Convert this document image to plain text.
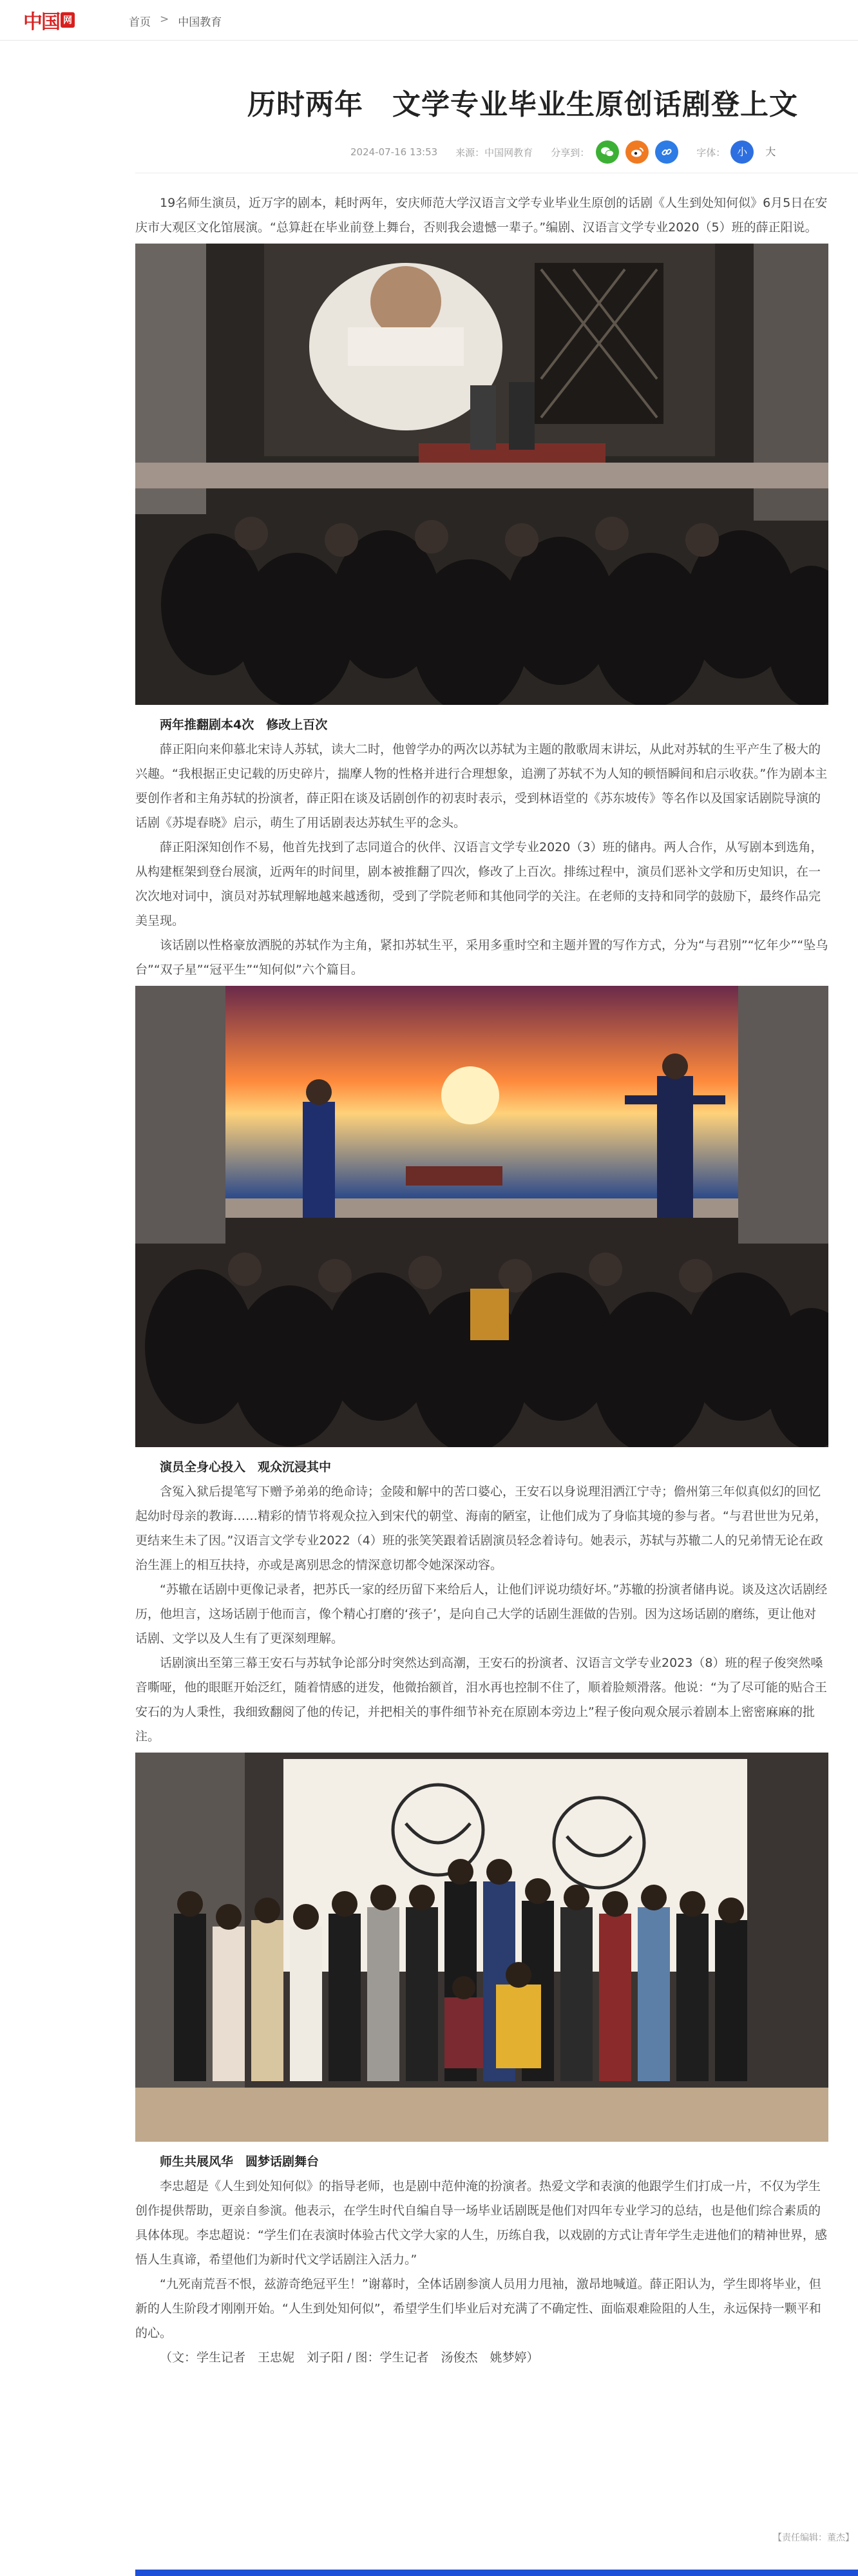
中国 网	首页 > 中国教育
历时两年　文学专业毕业生原创话剧登上文
2024-07-16 13:53 来源：中国网教育 分享到：	字体：	小	大

19名师生演员，近万字的剧本，耗时两年，安庆师范大学汉语言文学专业毕业生原创的话剧《人生到处知何似》6月5日在安庆市大观区文化馆展演。“总算赶在毕业前登上舞台，否则我会遗憾一辈子。”编剧、汉语言文学专业2020（5）班的薛正阳说。

两年推翻剧本4次　修改上百次

薛正阳向来仰慕北宋诗人苏轼，读大二时，他曾学办的两次以苏轼为主题的散歌周末讲坛，从此对苏轼的生平产生了极大的兴趣。“我根据正史记载的历史碎片，揣摩人物的性格并进行合理想象，追溯了苏轼不为人知的顿悟瞬间和启示收获。”作为剧本主要创作者和主角苏轼的扮演者，薛正阳在谈及话剧创作的初衷时表示，受到林语堂的《苏东坡传》等名作以及国家话剧院导演的话剧《苏堤春晓》启示，萌生了用话剧表达苏轼生平的念头。

薛正阳深知创作不易，他首先找到了志同道合的伙伴、汉语言文学专业2020（3）班的储冉。两人合作，从写剧本到选角，从构建框架到登台展演，近两年的时间里，剧本被推翻了四次，修改了上百次。排练过程中，演员们恶补文学和历史知识，在一次次地对词中，演员对苏轼理解地越来越透彻，受到了学院老师和其他同学的关注。在老师的支持和同学的鼓励下，最终作品完美呈现。

该话剧以性格豪放洒脱的苏轼作为主角，紧扣苏轼生平，采用多重时空和主题并置的写作方式，分为“与君别”“忆年少”“坠乌台”“双子星”“冠平生”“知何似”六个篇目。

演员全身心投入　观众沉浸其中

含冤入狱后提笔写下赠予弟弟的绝命诗；金陵和解中的苦口婆心，王安石以身说理泪洒江宁寺；儋州第三年似真似幻的回忆起幼时母亲的教诲……精彩的情节将观众拉入到宋代的朝堂、海南的陋室，让他们成为了身临其境的参与者。“与君世世为兄弟，更结来生未了因。”汉语言文学专业2022（4）班的张笑笑跟着话剧演员轻念着诗句。她表示，苏轼与苏辙二人的兄弟情无论在政治生涯上的相互扶持，亦或是离别思念的情深意切都令她深深动容。

“苏辙在话剧中更像记录者，把苏氏一家的经历留下来给后人，让他们评说功绩好坏。”苏辙的扮演者储冉说。谈及这次话剧经历，他坦言，这场话剧于他而言，像个精心打磨的‘孩子’，是向自己大学的话剧生涯做的告别。因为这场话剧的磨练，更让他对话剧、文学以及人生有了更深刻理解。

话剧演出至第三幕王安石与苏轼争论部分时突然达到高潮，王安石的扮演者、汉语言文学专业2023（8）班的程子俊突然嗓音嘶哑，他的眼眶开始泛红，随着情感的迸发，他微抬额首，泪水再也控制不住了，顺着脸颊滑落。他说：“为了尽可能的贴合王安石的为人秉性，我细致翻阅了他的传记，并把相关的事件细节补充在原剧本旁边上”程子俊向观众展示着剧本上密密麻麻的批注。

师生共展风华　圆梦话剧舞台

李忠超是《人生到处知何似》的指导老师，也是剧中范仲淹的扮演者。热爱文学和表演的他跟学生们打成一片，不仅为学生创作提供帮助，更亲自参演。他表示，在学生时代自编自导一场毕业话剧既是他们对四年专业学习的总结，也是他们综合素质的具体体现。李忠超说：“学生们在表演时体验古代文学大家的人生，历练自我，以戏剧的方式让青年学生走进他们的精神世界，感悟人生真谛，希望他们为新时代文学话剧注入活力。”

“九死南荒吾不恨，兹游奇绝冠平生！”谢幕时，全体话剧参演人员用力甩袖，激昂地喊道。薛正阳认为，学生即将毕业，但新的人生阶段才刚刚开始。“人生到处知何似”，希望学生们毕业后对充满了不确定性、面临艰难险阻的人生，永远保持一颗平和的心。

（文：学生记者　王忠妮　刘子阳 / 图：学生记者　汤俊杰　姚梦婷）

【责任编辑：董杰】
